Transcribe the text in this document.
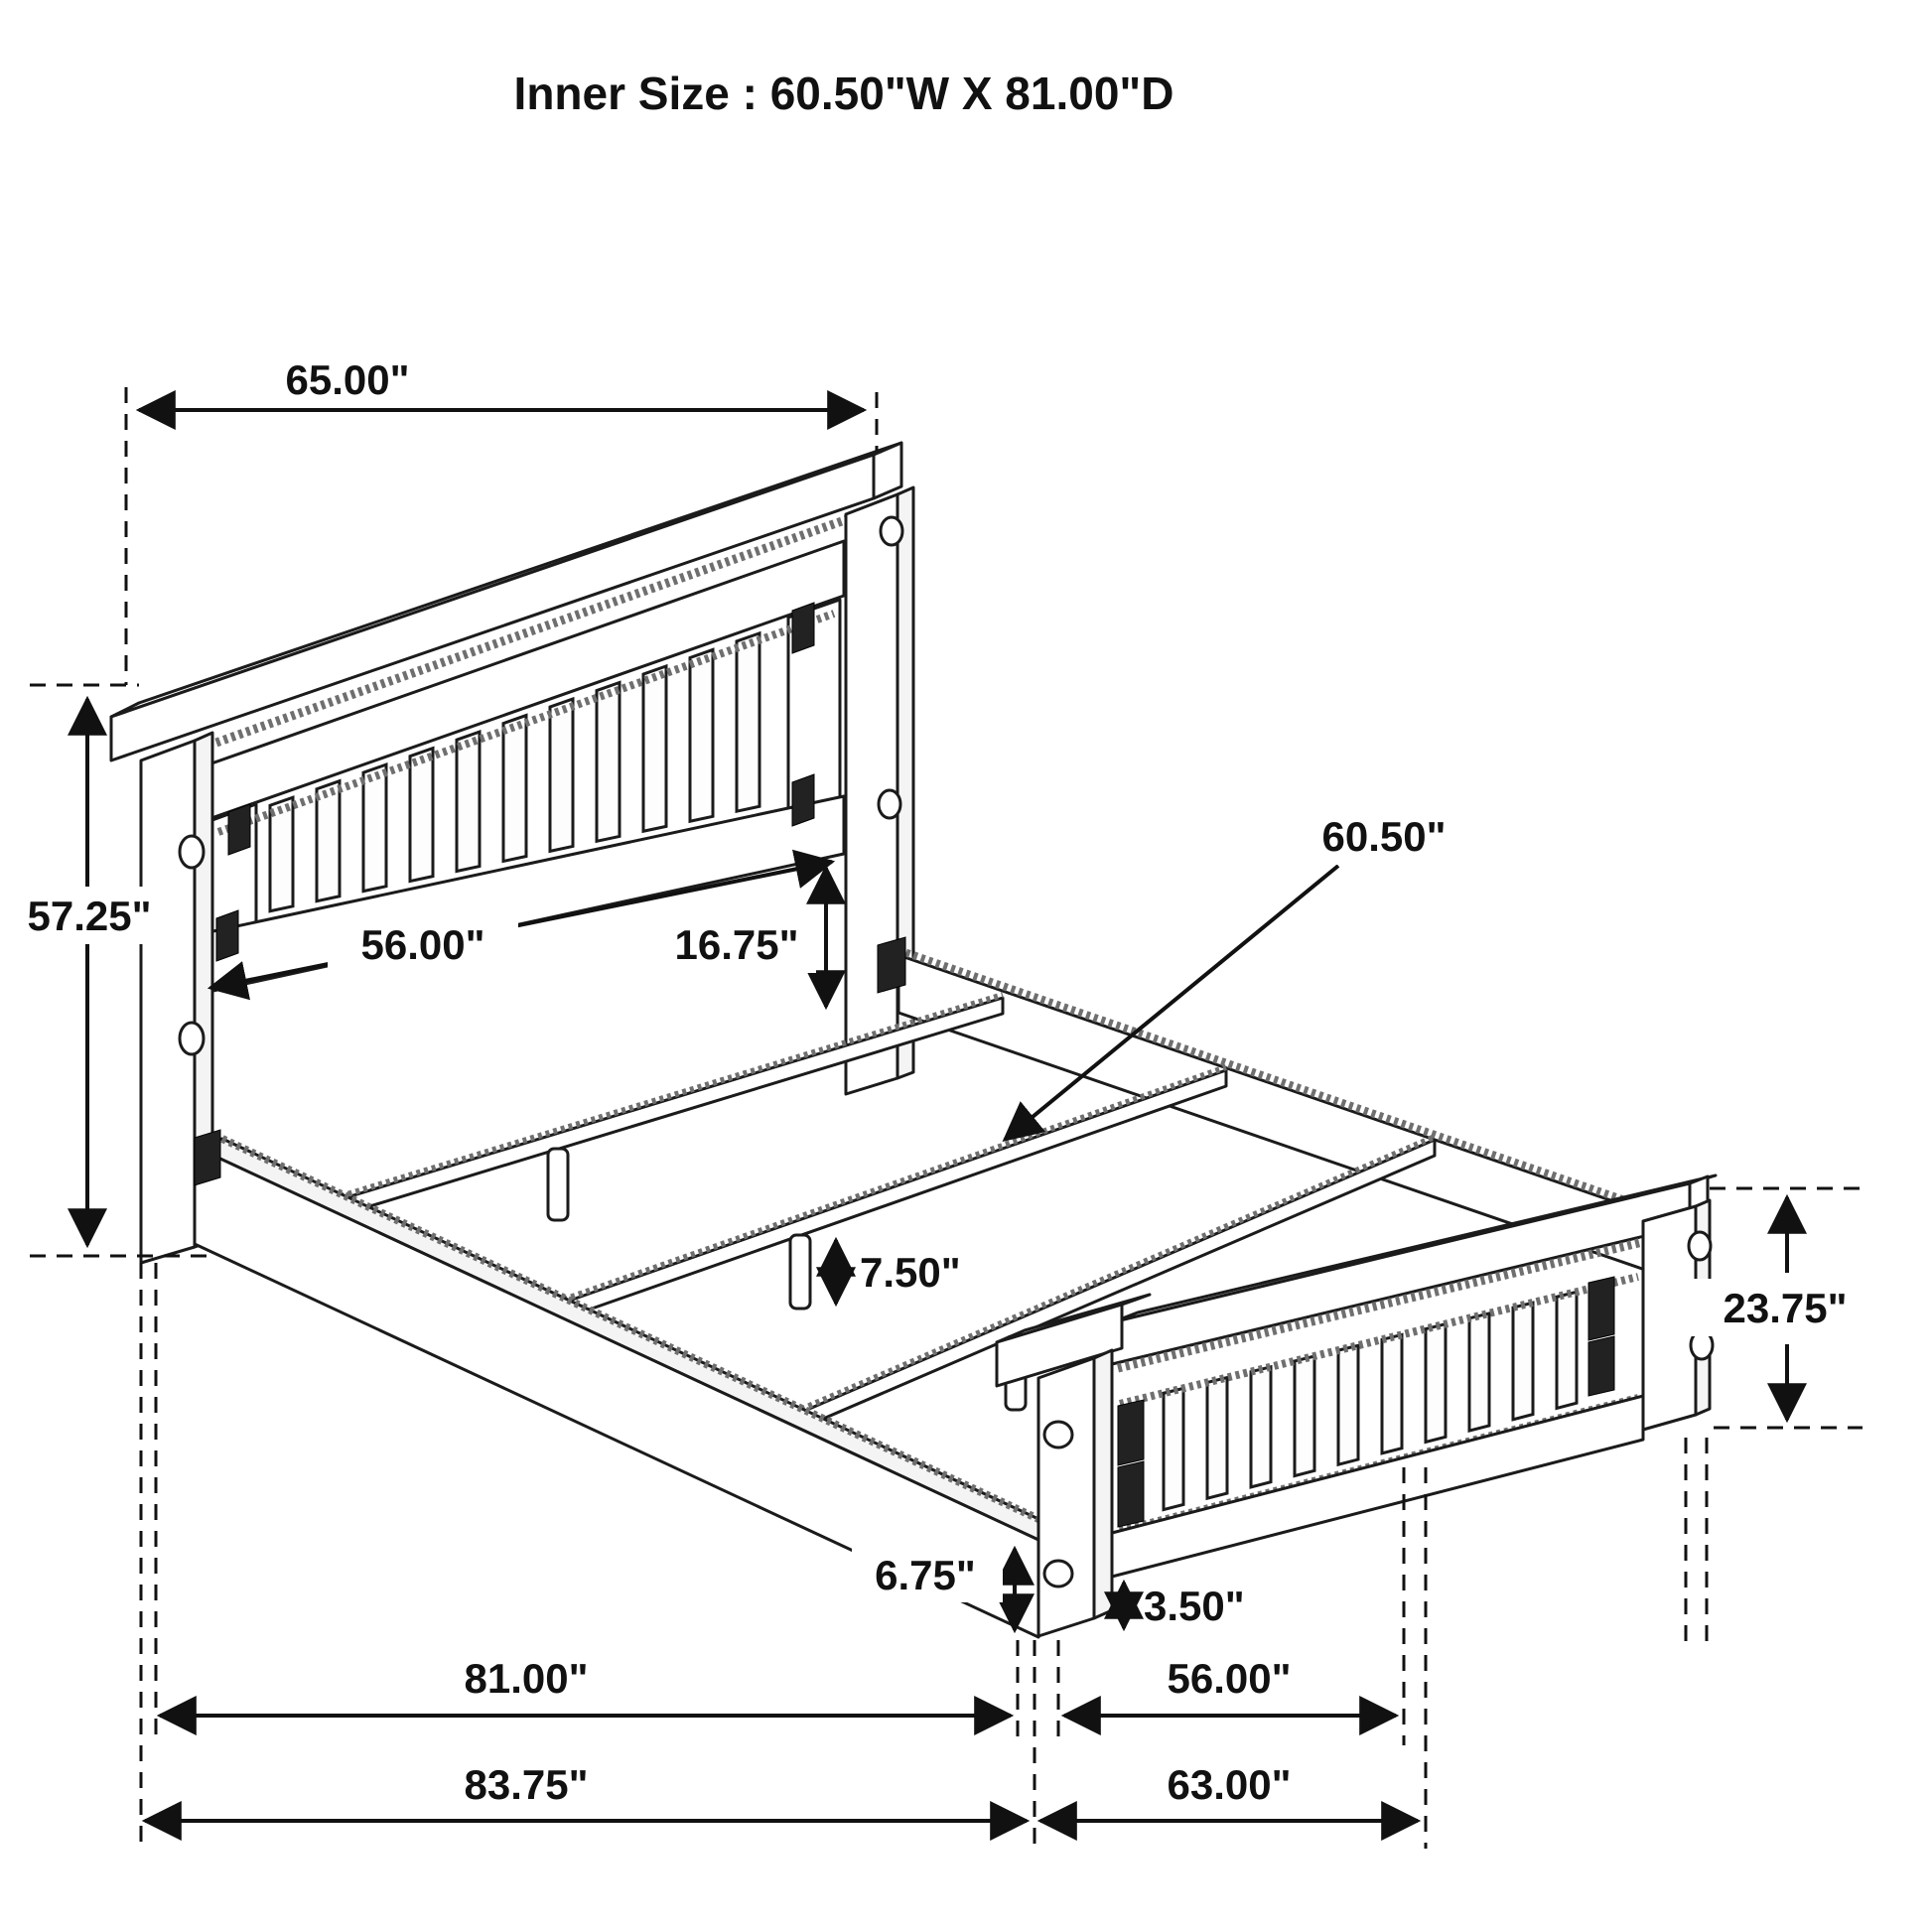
Inner Size : 60.50"W X 81.00"D
65.00"
57.25"
56.00"	16.75"
60.50"
7.50"
23.75"
6.75"
3.50"
81.00"	56.00"
83.75"	63.00"
